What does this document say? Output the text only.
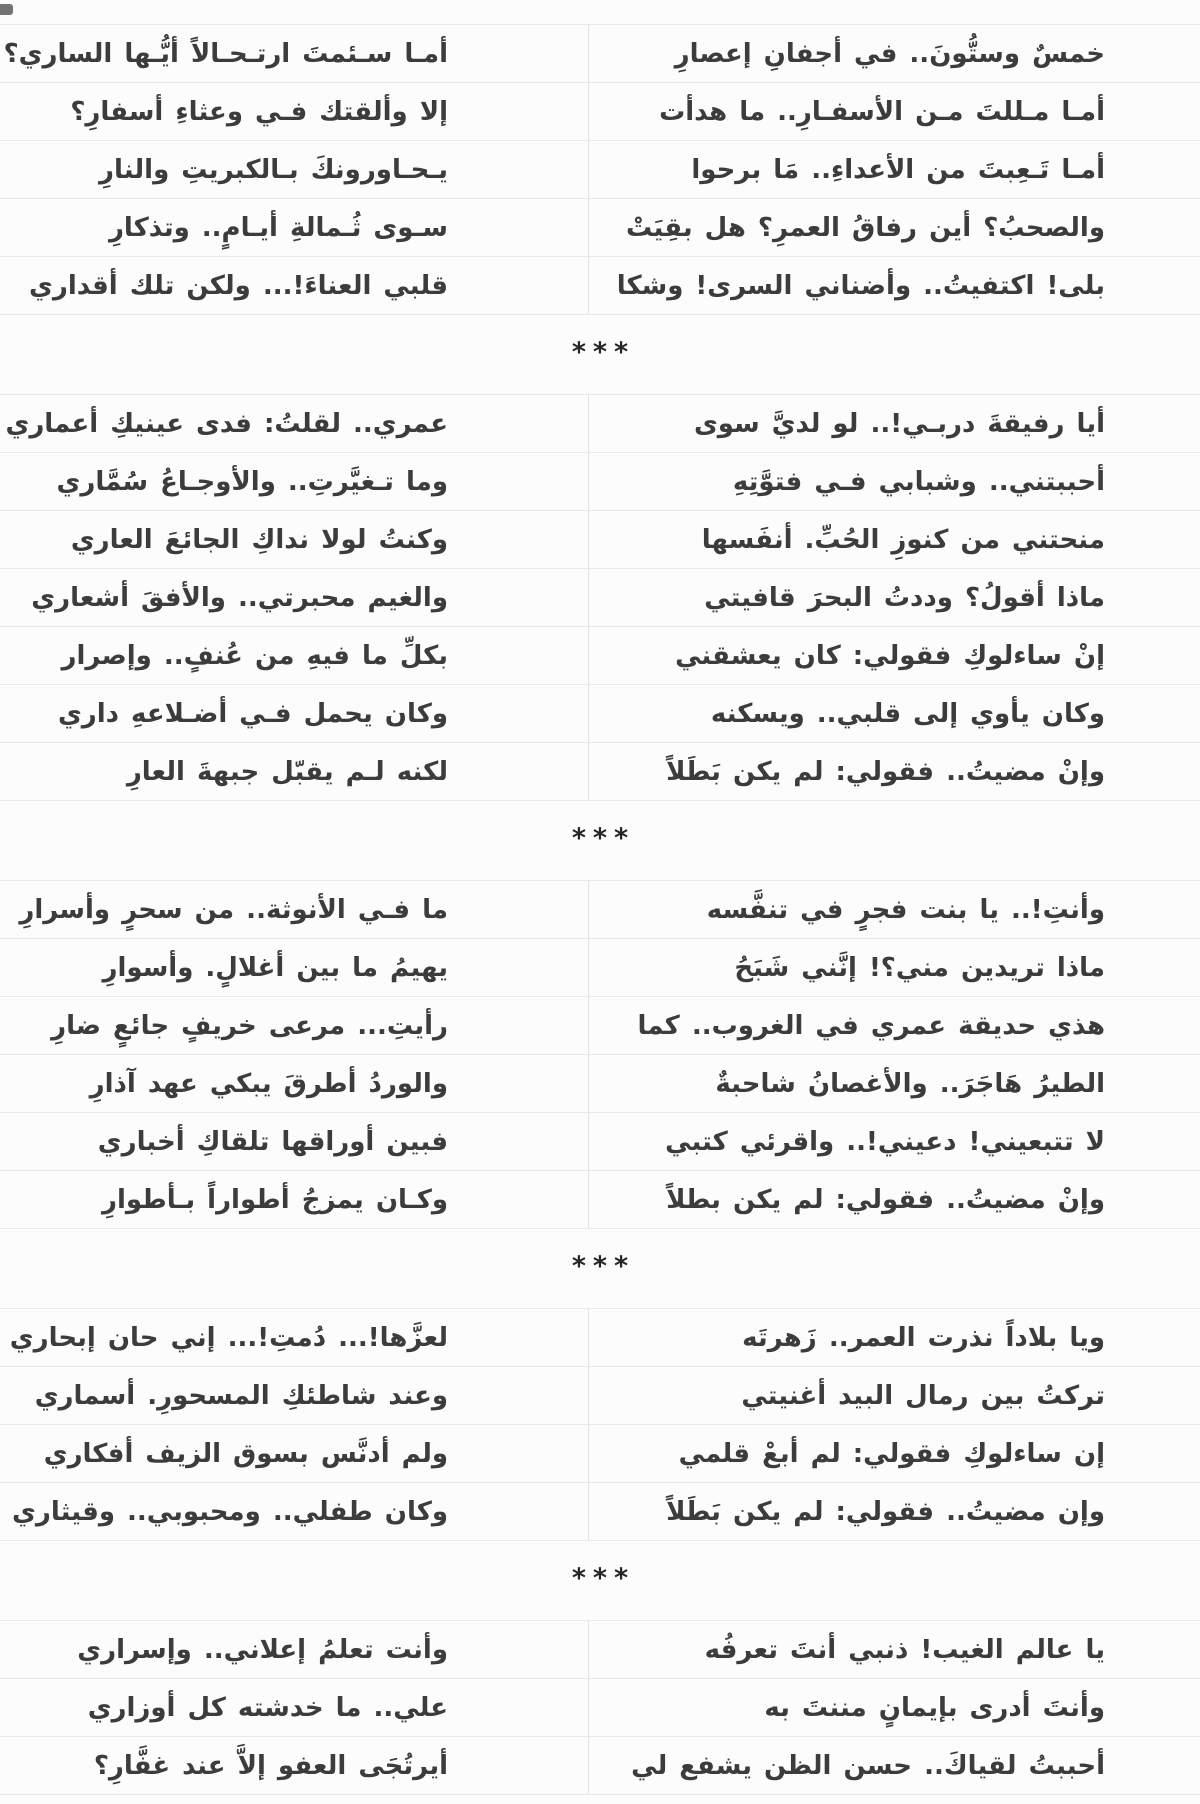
أمـا سـئمتَ ارتـحـالاً أيُّـها الساري؟	خمسٌ وستُّونَ.. في أجفانِ إعصارِ
إلا وألقتك فـي وعثاءِ أسفارِ؟	أمـا مـللتَ مـن الأسفـارِ.. ما هدأت
يـحـاورونكَ بـالكبريتِ والنارِ	أمـا تَـعِبتَ من الأعداءِ.. مَا برحوا
سـوى ثُـمالةِ أيـامٍ.. وتذكارِ	والصحبُ؟ أين رفاقُ العمرِ؟ هل بقِيَتْ
قلبي العناءَ!... ولكن تلك أقداري	بلى! اكتفيتُ.. وأضناني السرى! وشكا
***
عمري.. لقلتُ: فدى عينيكِ أعماري	أيا رفيقةَ دربـي!.. لو لديَّ سوى
وما تـغيَّرتِ.. والأوجـاعُ سُمَّاري	أحببتني.. وشبابي فـي فتوَّتِهِ
وكنتُ لولا نداكِ الجائعَ العاري	منحتني من كنوزِ الحُبِّ. أنفَسها
والغيم محبرتي.. والأفقَ أشعاري	ماذا أقولُ؟ وددتُ البحرَ قافيتي
بكلِّ ما فيهِ من عُنفٍ.. وإصرار	إنْ ساءلوكِ فقولي: كان يعشقني
وكان يحمل فـي أضـلاعهِ داري	وكان يأوي إلى قلبي.. ويسكنه
لكنه لـم يقبّل جبهةَ العارِ	وإنْ مضيتُ.. فقولي: لم يكن بَطَلاً
***
ما فـي الأنوثة.. من سحرٍ وأسرارِ	وأنتِ!.. يا بنت فجرٍ في تنفَّسه
يهيمُ ما بين أغلالٍ. وأسوارِ	ماذا تريدين مني؟! إنَّني شَبَحُ
رأيتِ... مرعى خريفٍ جائعٍ ضارِ	هذي حديقة عمري في الغروب.. كما
والوردُ أطرقَ يبكي عهد آذارِ	الطيرُ هَاجَرَ.. والأغصانُ شاحبةٌ
فبين أوراقها تلقاكِ أخباري	لا تتبعيني! دعيني!.. واقرئي كتبي
وكـان يمزجُ أطواراً بـأطوارِ	وإنْ مضيتُ.. فقولي: لم يكن بطلاً
***
لعزَّها!... دُمتِ!... إني حان إبحاري	ويا بلاداً نذرت العمر.. زَهرتَه
وعند شاطئكِ المسحورِ. أسماري	تركتُ بين رمال البيد أغنيتي
ولم أدنَّس بسوق الزيف أفكاري	إن ساءلوكِ فقولي: لم أبعْ قلمي
وكان طفلي.. ومحبوبي.. وقيثاري	وإن مضيتُ.. فقولي: لم يكن بَطَلاً
***
وأنت تعلمُ إعلاني.. وإسراري	يا عالم الغيب! ذنبي أنتَ تعرفُه
علي.. ما خدشته كل أوزاري	وأنتَ أدرى بإيمانٍ مننتَ به
أيرتُجَى العفو إلاَّ عند غفَّارِ؟	أحببتُ لقياكَ.. حسن الظن يشفع لي
